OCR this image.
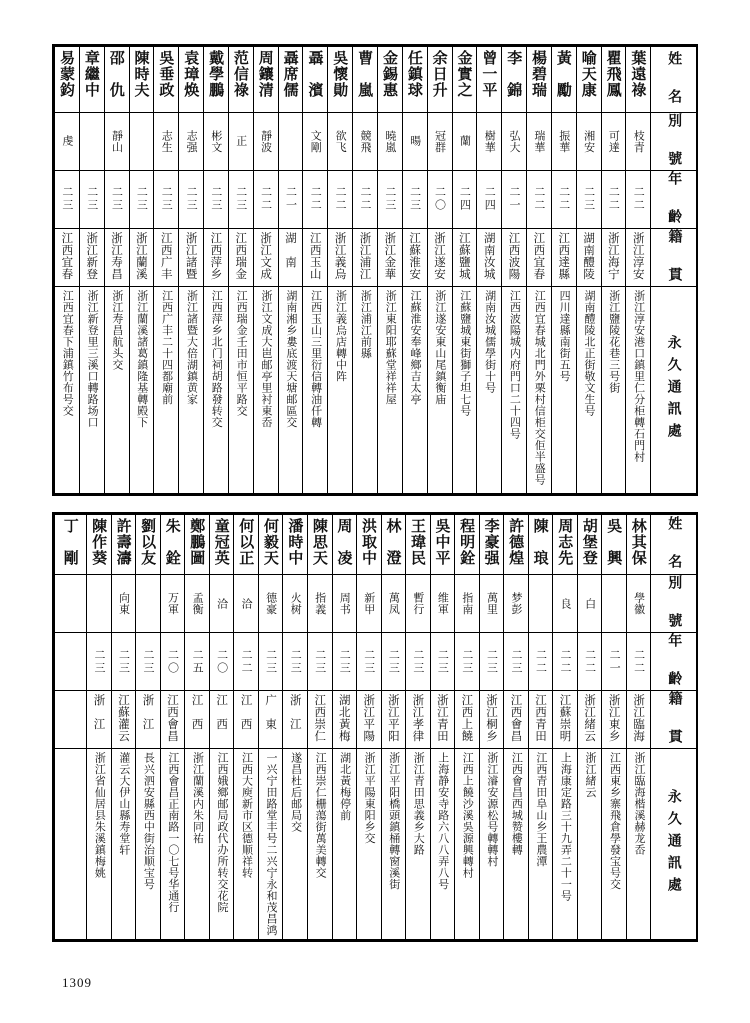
易蒙鈞	章繼中	邵　仇	陳時夫	吳垂政	袁璋焕	戴學鵬	范信祿	周鑲清	聶席儒	聶　濱	吳懷勛	曹　嵐	金錫惠	任鎮球	余日升	金實之	曾一平	李　錦	楊碧瑞	黃　勵	喻天康	瞿飛鳳	葉遠祿	姓　名

虔		靜山		志生	志强	彬文	正	靜波		文剛	欲飞	競飛	曉嵐	暘	冠群	蘭	樹華	弘大	瑞華	振華	湘安	可達	枝青	別　號

二三	二三	二三	二三	二三	二三	二三	二三	二二	二一	二二	二二	二二	二三	二三	二〇	二四	二四	二一	二二	二二	二三	二二	二二	年　齡

江西宜春	浙江新登	浙江寿昌	浙江蘭溪	江西广丰	浙江諸暨	江西萍乡	江西瑞金	浙江文成	湖　南	江西玉山	浙江義烏	浙江浦江	浙江金華	江蘇淮安	浙江遂安	江蘇鹽城	湖南汝城	江西波陽	江西宜春	江西達縣	湖南醴陵	浙江海宁	浙江淳安	籍　貫

江西宜春下浦鎮竹布号交	浙江新登里三溪口轉路场口	浙江寿昌航头交	浙江蘭溪諸葛鎮隆基轉殿下	江西广丰二十四都廟前	浙江諸暨大倍湖鎮黄家	江西萍乡北门祠胡路發转交	江西瑞金壬田市恒平路交	浙江文成大岜邮亭里衬東岙	湖南湘乡婁底渡天塘邮區交	江西玉山三里衍信轉油仟轉	浙江義烏店轉中阵	浙江浦江前縣	浙江東阳耶蘇堂祥祥屋	江蘇淮安奉峰鄉吉太亭	浙江遂安東山尾鎮衡庙	江蘇鹽城東街獅子坦七号	湖南汝城儒學街十号	江西波陽城内府門口二十四号	江西宜春城北門外栗村信柜交佢半盛号	四川達縣南街五号	湖南醴陵北正街敬文生号	浙江鹽陵花巷三号街	浙江淳安港口鎮里仁分柜轉石門村	永久通訊處
丁　剛	陳作葵	許壽濤	劉以友	朱　銓	鄭鵬圖	童冠英	何以正	何毅天	潘時中	陳思天	周　凌	洪取中	林　澄	王瑋民	吳中平	程明銓	李豪强	許德煌	陳　琅	周志先	胡堡登	吳　興	林其保	姓　名

		向東		万軍	孟衡	洽	洽	德豪	火树	指義	周书	新甲	萬凤	暫行	维軍	指南	萬里	梦彭		良	白		學徽	別　號

	二三	二三	二三	二〇	二五	二〇	二二	二三	二三	二三	二三	二三	二三	二三	二三	二三	二三	二三	二二	二二	二二	二一	二二	年　齡

	浙　江	江蘇灌云	浙　江	江西會昌	江　西	江　西	江　西	广　東	浙　江	江西崇仁	湖北黃梅	浙江平陽	浙江平阳	浙江孝律	浙江青田	江西上饒	浙江桐乡	江西會昌	江西青田	江蘇崇明	浙江緒云	浙江東乡	浙江臨海	籍　貫

	浙江省仙居县朱溪鎮梅姚	灌云大伊山縣寿堂轩	長兴泗安縣西中街治顺宝号	江西會昌正南路一〇七号华通行	浙江蘭溪内朱同祐	江西娥鄉邮局政代办所转交花院	江西大庾新市区德顺祥转	一兴宁田路堂丰号二兴宁永和茂昌鸿	遂昌杜后邮局交	江西崇仁栅蕩街萬美轉交	湖北黃梅停前	浙江平陽東阳乡交	浙江平阳橋頭鎮桶轉窗溪街	浙江青田思義乡大路	上海静安寺路六八八弄八号	江西上饒沙溪吳源興轉村	浙江濬安源松号轉轉村	江西會昌西城赞樓轉	江西青田阜山乡王農潭	上海康定路三十九弄二十一号	浙江緒云	江西東乡寨飛倉學發宝号交	浙江臨海楷溪赫龙岙	永久通訊處
1309
